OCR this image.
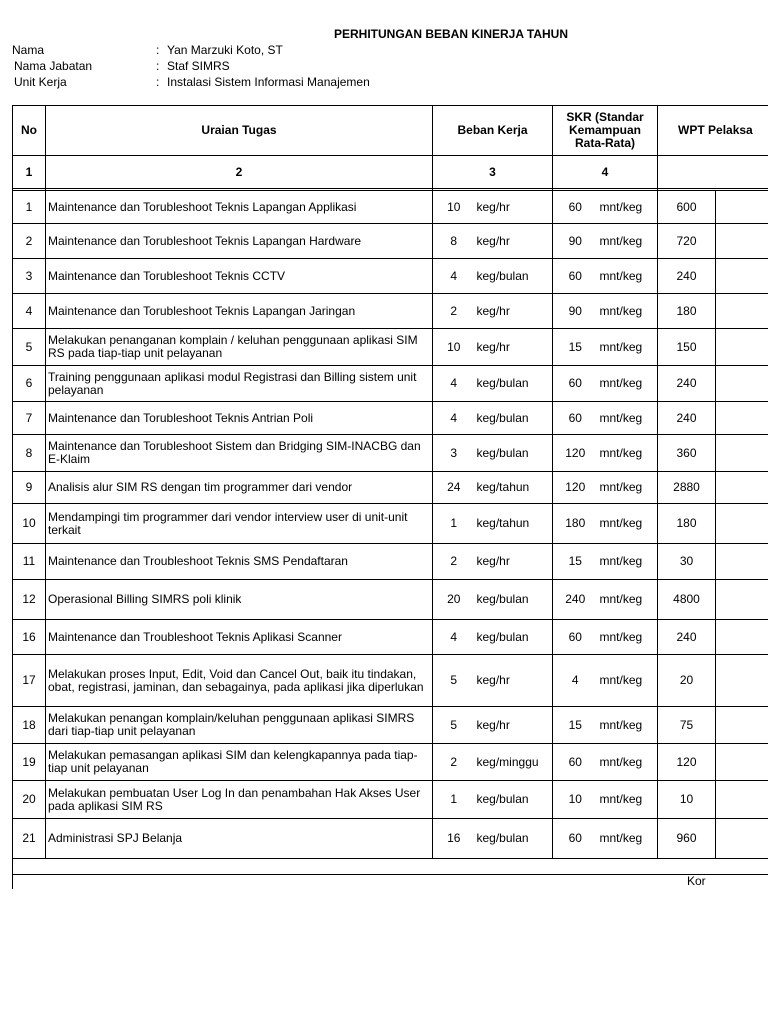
PERHITUNGAN BEBAN KINERJA TAHUN
Nama	: Yan Marzuki Koto, ST
Nama Jabatan	: Staf SIMRS
Unit Kerja	: Instalasi Sistem Informasi Manajemen
No	Uraian Tugas	Beban Kerja		SKR (Standar Kemampuan Rata-Rata)		WPT Pelaksa	
1	2	3		4			

1	Maintenance dan Torubleshoot Teknis Lapangan Applikasi	10	keg/hr	60	mnt/keg	600	
2	Maintenance dan Torubleshoot Teknis Lapangan Hardware	8	keg/hr	90	mnt/keg	720	
3	Maintenance dan Torubleshoot Teknis CCTV	4	keg/bulan	60	mnt/keg	240	
4	Maintenance dan Torubleshoot Teknis Lapangan Jaringan	2	keg/hr	90	mnt/keg	180	
5	Melakukan penanganan komplain / keluhan penggunaan aplikasi SIM RS pada tiap-tiap unit pelayanan	10	keg/hr	15	mnt/keg	150	
6	Training penggunaan aplikasi modul Registrasi dan Billing sistem unit pelayanan	4	keg/bulan	60	mnt/keg	240	
7	Maintenance dan Torubleshoot Teknis Antrian Poli	4	keg/bulan	60	mnt/keg	240	
8	Maintenance dan Torubleshoot Sistem dan Bridging SIM-INACBG dan E-Klaim	3	keg/bulan	120	mnt/keg	360	
9	Analisis alur SIM RS dengan tim programmer dari vendor	24	keg/tahun	120	mnt/keg	2880	
10	Mendampingi tim programmer dari vendor interview user di unit-unit terkait	1	keg/tahun	180	mnt/keg	180	
11	Maintenance dan Troubleshoot Teknis SMS Pendaftaran	2	keg/hr	15	mnt/keg	30	
12	Operasional Billing SIMRS poli klinik	20	keg/bulan	240	mnt/keg	4800	
16	Maintenance dan Troubleshoot Teknis Aplikasi Scanner	4	keg/bulan	60	mnt/keg	240	
17	Melakukan proses Input, Edit, Void dan Cancel Out, baik itu tindakan, obat, registrasi, jaminan, dan sebagainya, pada aplikasi jika diperlukan	5	keg/hr	4	mnt/keg	20	
18	Melakukan penangan komplain/keluhan penggunaan aplikasi SIMRS dari tiap-tiap unit pelayanan	5	keg/hr	15	mnt/keg	75	
19	Melakukan pemasangan aplikasi SIM dan kelengkapannya pada tiap-tiap unit pelayanan	2	keg/minggu	60	mnt/keg	120	
20	Melakukan pembuatan User Log In dan penambahan Hak Akses User pada aplikasi SIM RS	1	keg/bulan	10	mnt/keg	10	
21	Administrasi SPJ Belanja	16	keg/bulan	60	mnt/keg	960	
Kor
